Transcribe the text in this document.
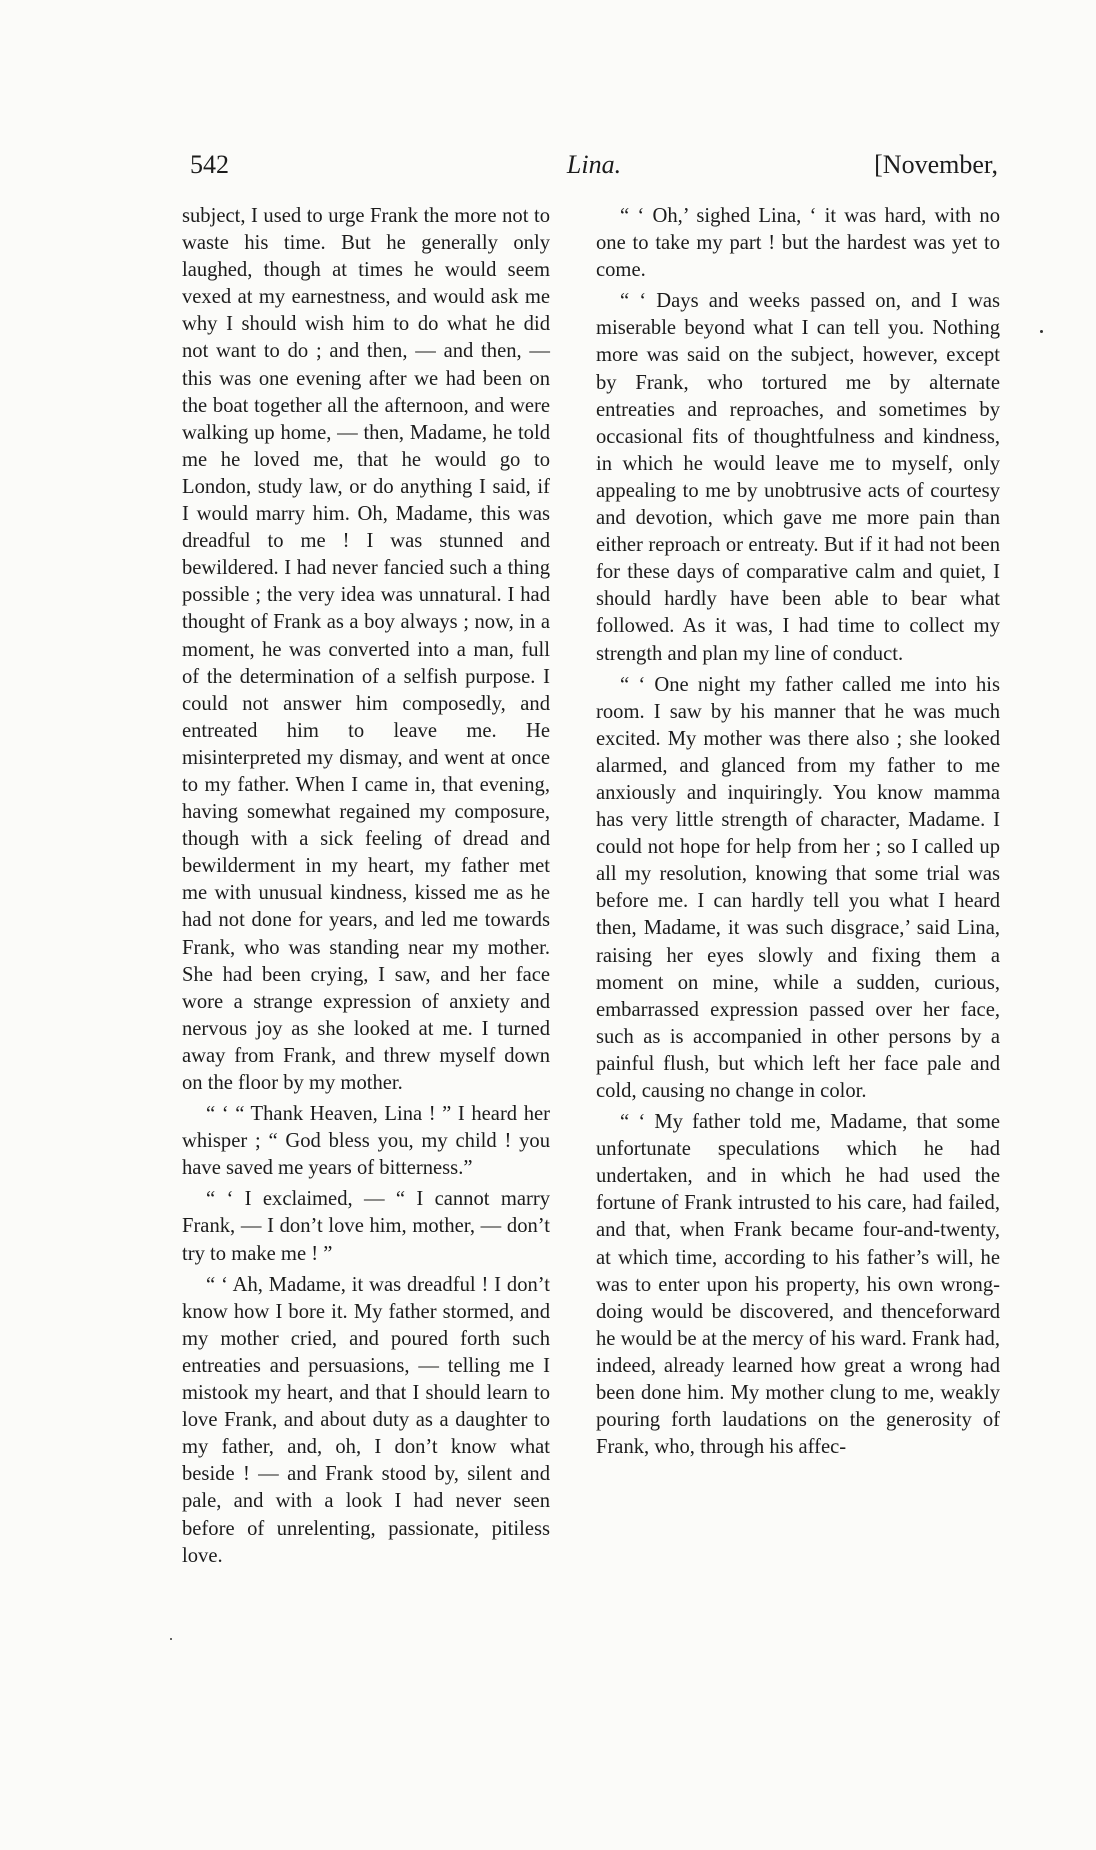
542	Lina.	[November,

subject, I used to urge Frank the more not to waste his time. But he generally only laughed, though at times he would seem vexed at my earnestness, and would ask me why I should wish him to do what he did not want to do ; and then, — and then, — this was one evening after we had been on the boat together all the afternoon, and were walking up home, — then, Madame, he told me he loved me, that he would go to London, study law, or do anything I said, if I would marry him. Oh, Madame, this was dreadful to me ! I was stunned and bewildered. I had never fancied such a thing possible ; the very idea was unnatural. I had thought of Frank as a boy always ; now, in a moment, he was converted into a man, full of the determination of a selfish purpose. I could not answer him composedly, and entreated him to leave me. He misinterpreted my dismay, and went at once to my father. When I came in, that evening, having somewhat regained my composure, though with a sick feeling of dread and bewilderment in my heart, my father met me with unusual kindness, kissed me as he had not done for years, and led me towards Frank, who was standing near my mother. She had been crying, I saw, and her face wore a strange expression of anxiety and nervous joy as she looked at me. I turned away from Frank, and threw myself down on the floor by my mother.

“ ‘ “ Thank Heaven, Lina ! ” I heard her whisper ; “ God bless you, my child ! you have saved me years of bitterness.”

“ ‘ I exclaimed, — “ I cannot marry Frank, — I don’t love him, mother, — don’t try to make me ! ”

“ ‘ Ah, Madame, it was dreadful ! I don’t know how I bore it. My father stormed, and my mother cried, and poured forth such entreaties and persuasions, — telling me I mistook my heart, and that I should learn to love Frank, and about duty as a daughter to my father, and, oh, I don’t know what beside ! — and Frank stood by, silent and pale, and with a look I had never seen before of unrelenting, passionate, pitiless love.

“ ‘ Oh,’ sighed Lina, ‘ it was hard, with no one to take my part ! but the hardest was yet to come.

“ ‘ Days and weeks passed on, and I was miserable beyond what I can tell you. Nothing more was said on the subject, however, except by Frank, who tortured me by alternate entreaties and reproaches, and sometimes by occasional fits of thoughtfulness and kindness, in which he would leave me to myself, only appealing to me by unobtrusive acts of courtesy and devotion, which gave me more pain than either reproach or entreaty. But if it had not been for these days of comparative calm and quiet, I should hardly have been able to bear what followed. As it was, I had time to collect my strength and plan my line of conduct.

“ ‘ One night my father called me into his room. I saw by his manner that he was much excited. My mother was there also ; she looked alarmed, and glanced from my father to me anxiously and inquiringly. You know mamma has very little strength of character, Madame. I could not hope for help from her ; so I called up all my resolution, knowing that some trial was before me. I can hardly tell you what I heard then, Madame, it was such disgrace,’ said Lina, raising her eyes slowly and fixing them a moment on mine, while a sudden, curious, embarrassed expression passed over her face, such as is accompanied in other persons by a painful flush, but which left her face pale and cold, causing no change in color.

“ ‘ My father told me, Madame, that some unfortunate speculations which he had undertaken, and in which he had used the fortune of Frank intrusted to his care, had failed, and that, when Frank became four-and-twenty, at which time, according to his father’s will, he was to enter upon his property, his own wrong-doing would be discovered, and thenceforward he would be at the mercy of his ward. Frank had, indeed, already learned how great a wrong had been done him. My mother clung to me, weakly pouring forth laudations on the generosity of Frank, who, through his affec-
